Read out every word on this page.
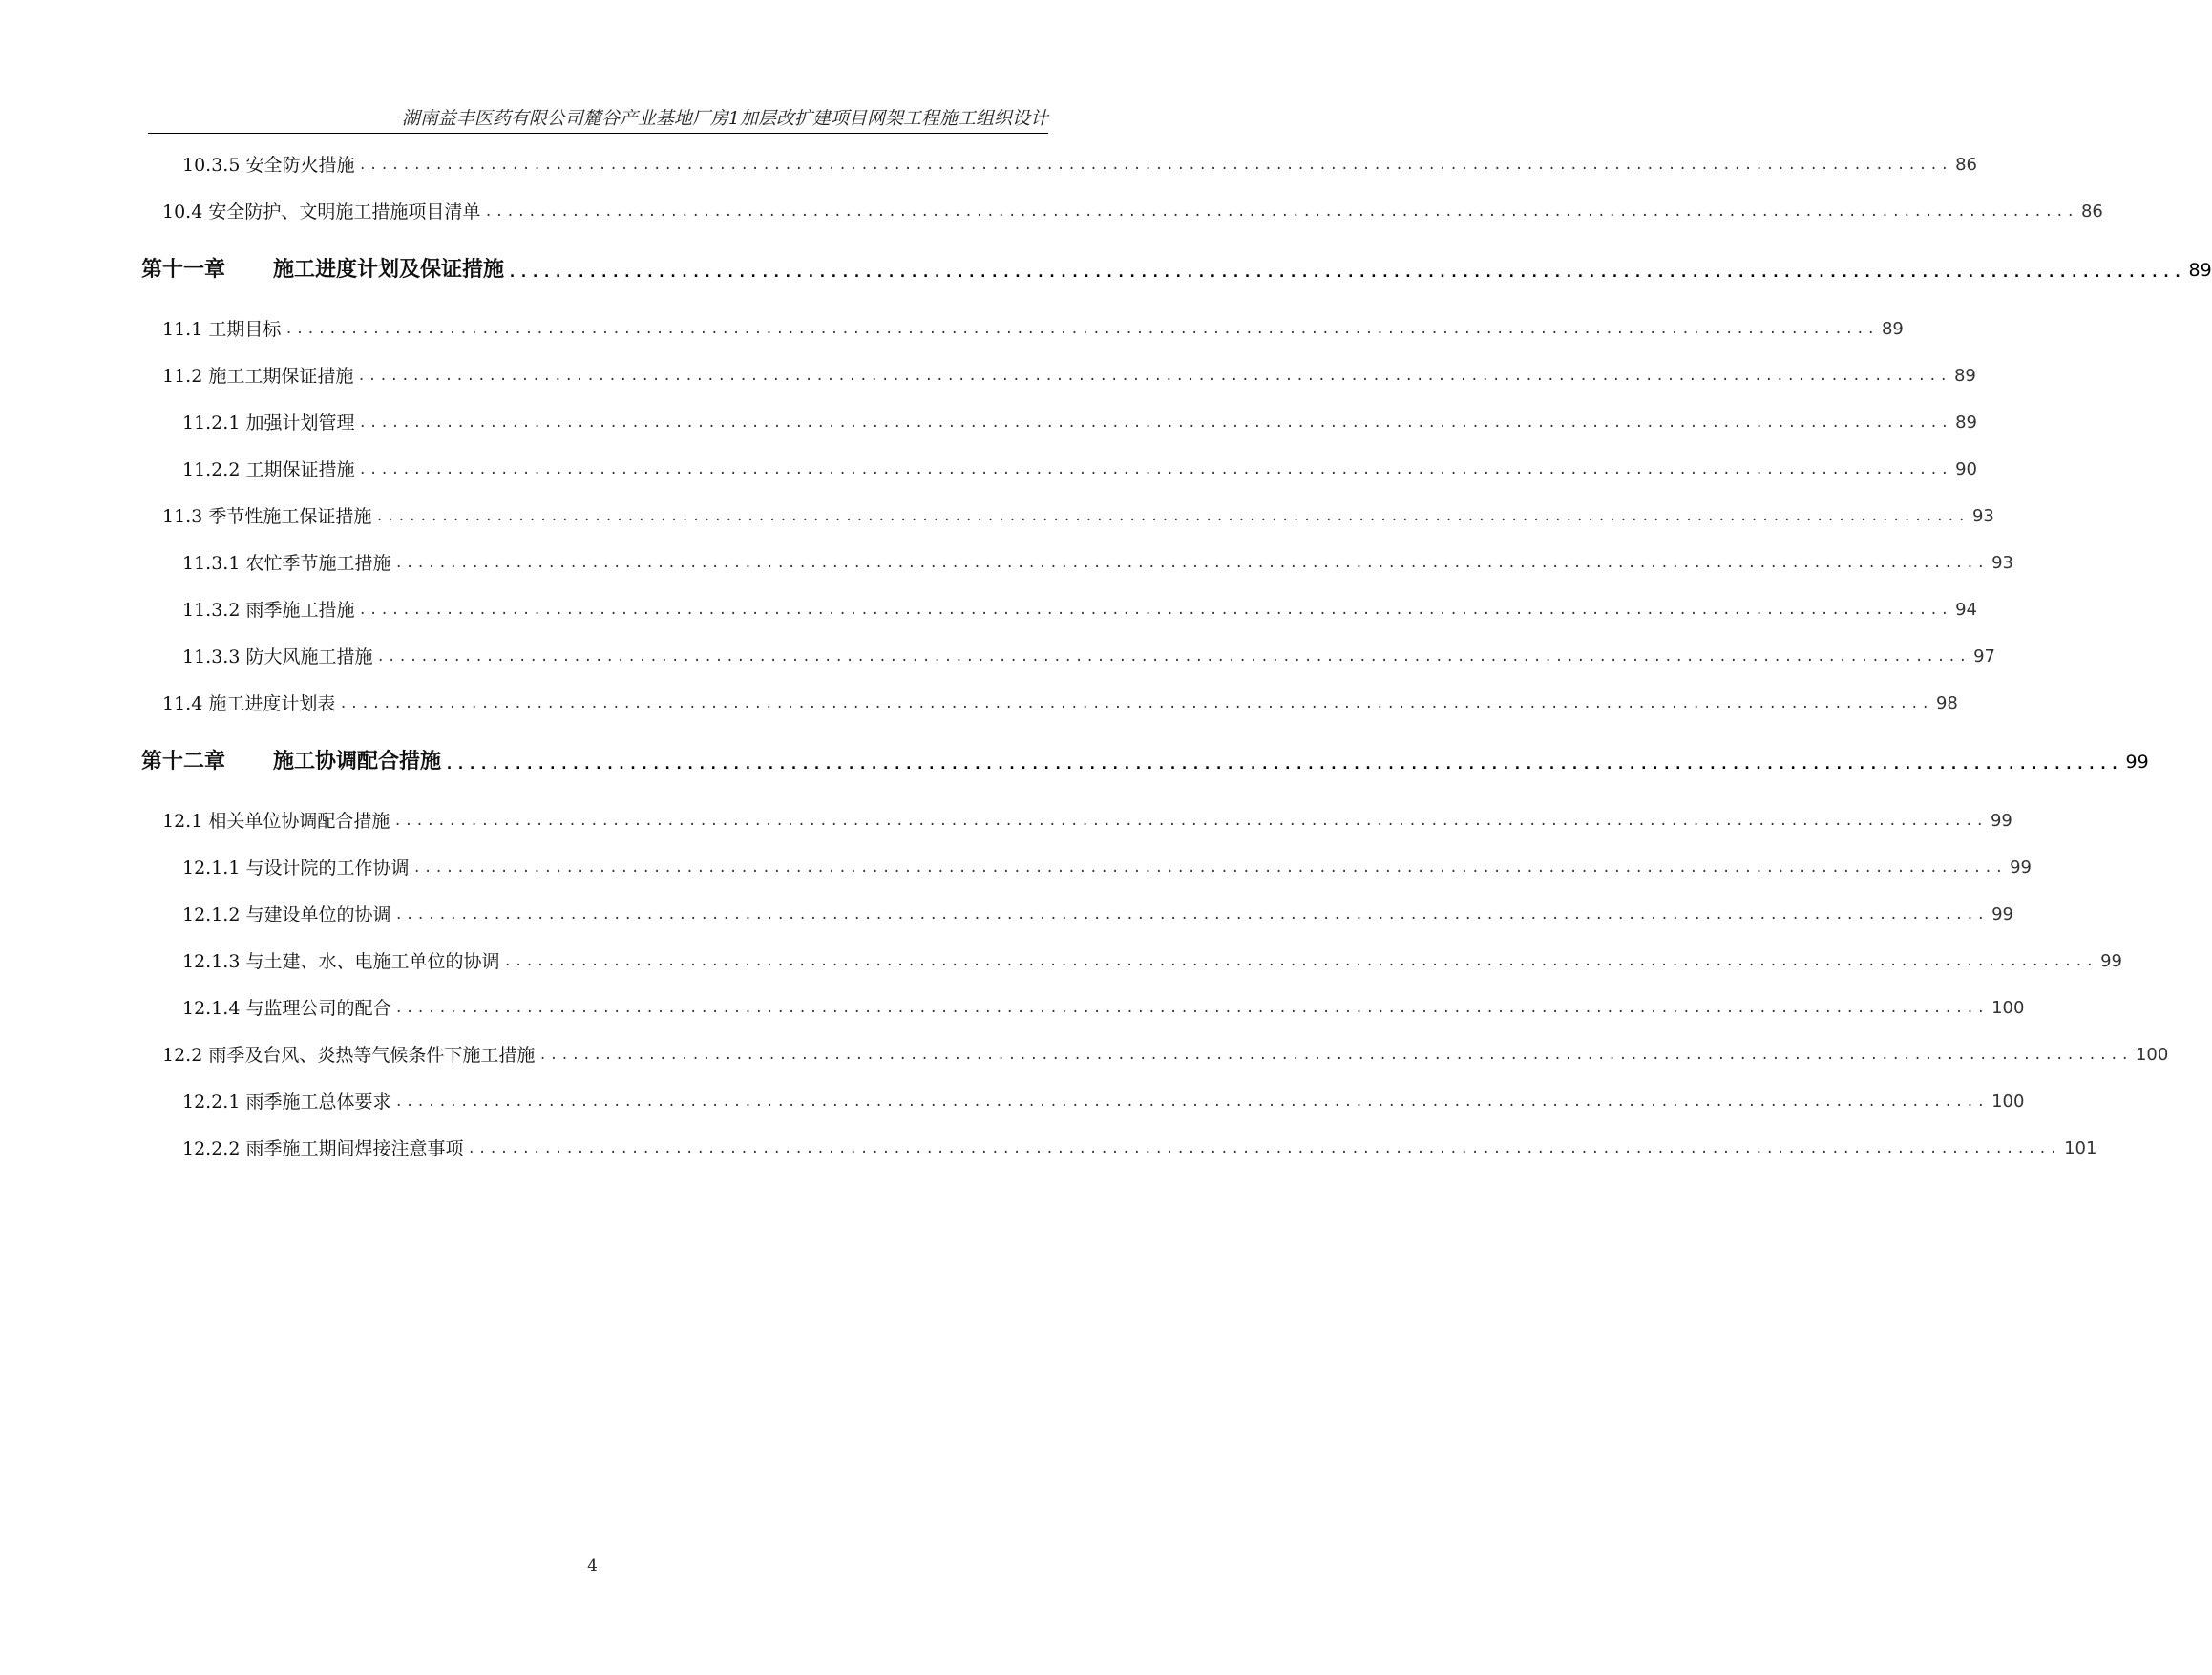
湖南益丰医药有限公司麓谷产业基地厂房1加层改扩建项目网架工程施工组织设计
10.3.5 安全防火措施 .................................................................................................................................................. 86
10.4 安全防护、文明施工措施项目清单 .................................................................................................................................................. 86
第十一章 施工进度计划及保证措施 .................................................................................................................................................. 89
11.1 工期目标 .................................................................................................................................................. 89
11.2 施工工期保证措施 .................................................................................................................................................. 89
11.2.1 加强计划管理 .................................................................................................................................................. 89
11.2.2 工期保证措施 .................................................................................................................................................. 90
11.3 季节性施工保证措施 .................................................................................................................................................. 93
11.3.1 农忙季节施工措施 .................................................................................................................................................. 93
11.3.2 雨季施工措施 .................................................................................................................................................. 94
11.3.3 防大风施工措施 .................................................................................................................................................. 97
11.4 施工进度计划表 .................................................................................................................................................. 98
第十二章 施工协调配合措施 .................................................................................................................................................. 99
12.1 相关单位协调配合措施 .................................................................................................................................................. 99
12.1.1 与设计院的工作协调 .................................................................................................................................................. 99
12.1.2 与建设单位的协调 .................................................................................................................................................. 99
12.1.3 与土建、水、电施工单位的协调 .................................................................................................................................................. 99
12.1.4 与监理公司的配合 .................................................................................................................................................. 100
12.2 雨季及台风、炎热等气候条件下施工措施 .................................................................................................................................................. 100
12.2.1 雨季施工总体要求 .................................................................................................................................................. 100
12.2.2 雨季施工期间焊接注意事项 .................................................................................................................................................. 101
4
